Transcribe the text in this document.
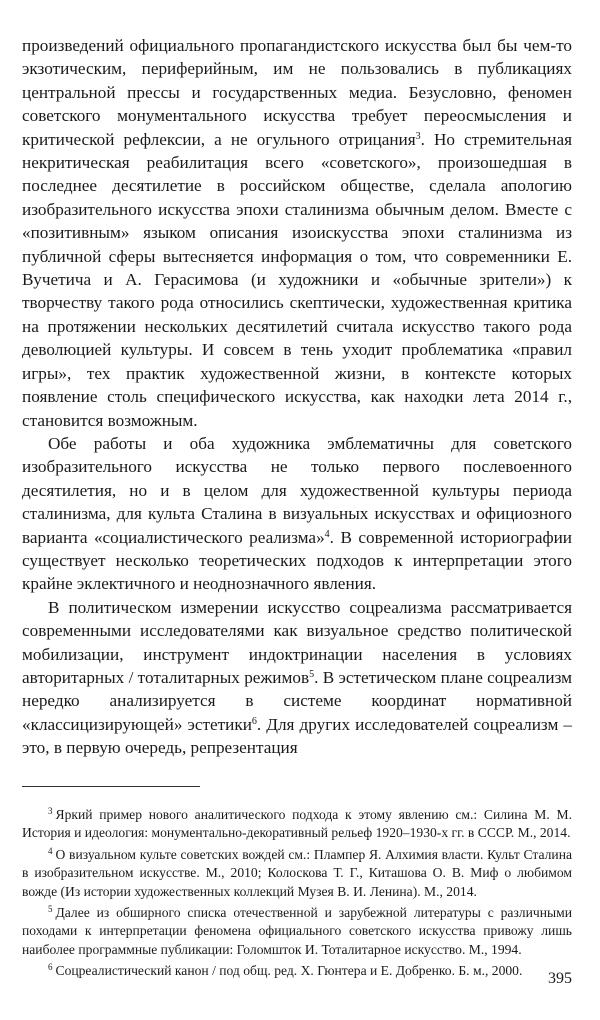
произведений официального пропагандистского искусства был бы чем-то экзотическим, периферийным, им не пользовались в публикациях центральной прессы и государственных медиа. Безусловно, феномен советского монументального искусства требует переосмысления и критической рефлексии, а не огульного отрицания$^3$. Но стремительная некритическая реабилитация всего «советского», произошедшая в последнее десятилетие в российском обществе, сделала апологию изобразительного искусства эпохи сталинизма обычным делом. Вместе с «позитивным» языком описания изоискусства эпохи сталинизма из публичной сферы вытесняется информация о том, что современники Е. Вучетича и А. Герасимова (и художники и «обычные зрители») к творчеству такого рода относились скептически, художественная критика на протяжении нескольких десятилетий считала искусство такого рода деволюцией культуры. И совсем в тень уходит проблематика «правил игры», тех практик художественной жизни, в контексте которых появление столь специфического искусства, как находки лета 2014 г., становится возможным.

Обе работы и оба художника эмблематичны для советского изобразительного искусства не только первого послевоенного десятилетия, но и в целом для художественной культуры периода сталинизма, для культа Сталина в визуальных искусствах и официозного варианта «социалистического реализма»$^4$. В современной историографии существует несколько теоретических подходов к интерпретации этого крайне эклектичного и неоднозначного явления.

В политическом измерении искусство соцреализма рассматривается современными исследователями как визуальное средство политической мобилизации, инструмент индоктринации населения в условиях авторитарных / тоталитарных режимов$^5$. В эстетическом плане соцреализм нередко анализируется в системе координат нормативной «классицизирующей» эстетики$^6$. Для других исследователей соцреализм – это, в первую очередь, репрезентация

$^3$ Яркий пример нового аналитического подхода к этому явлению см.: Силина М. М. История и идеология: монументально-декоративный рельеф 1920–1930-х гг. в СССР. М., 2014.

$^4$ О визуальном культе советских вождей см.: Плампер Я. Алхимия власти. Культ Сталина в изобразительном искусстве. М., 2010; Колоскова Т. Г., Киташова О. В. Миф о любимом вожде (Из истории художественных коллекций Музея В. И. Ленина). М., 2014.

$^5$ Далее из обширного списка отечественной и зарубежной литературы с различными походами к интерпретации феномена официального советского искусства привожу лишь наиболее программные публикации: Голомшток И. Тоталитарное искусство. М., 1994.

$^6$ Соцреалистический канон / под общ. ред. Х. Гюнтера и Е. Добренко. Б. м., 2000.	395
